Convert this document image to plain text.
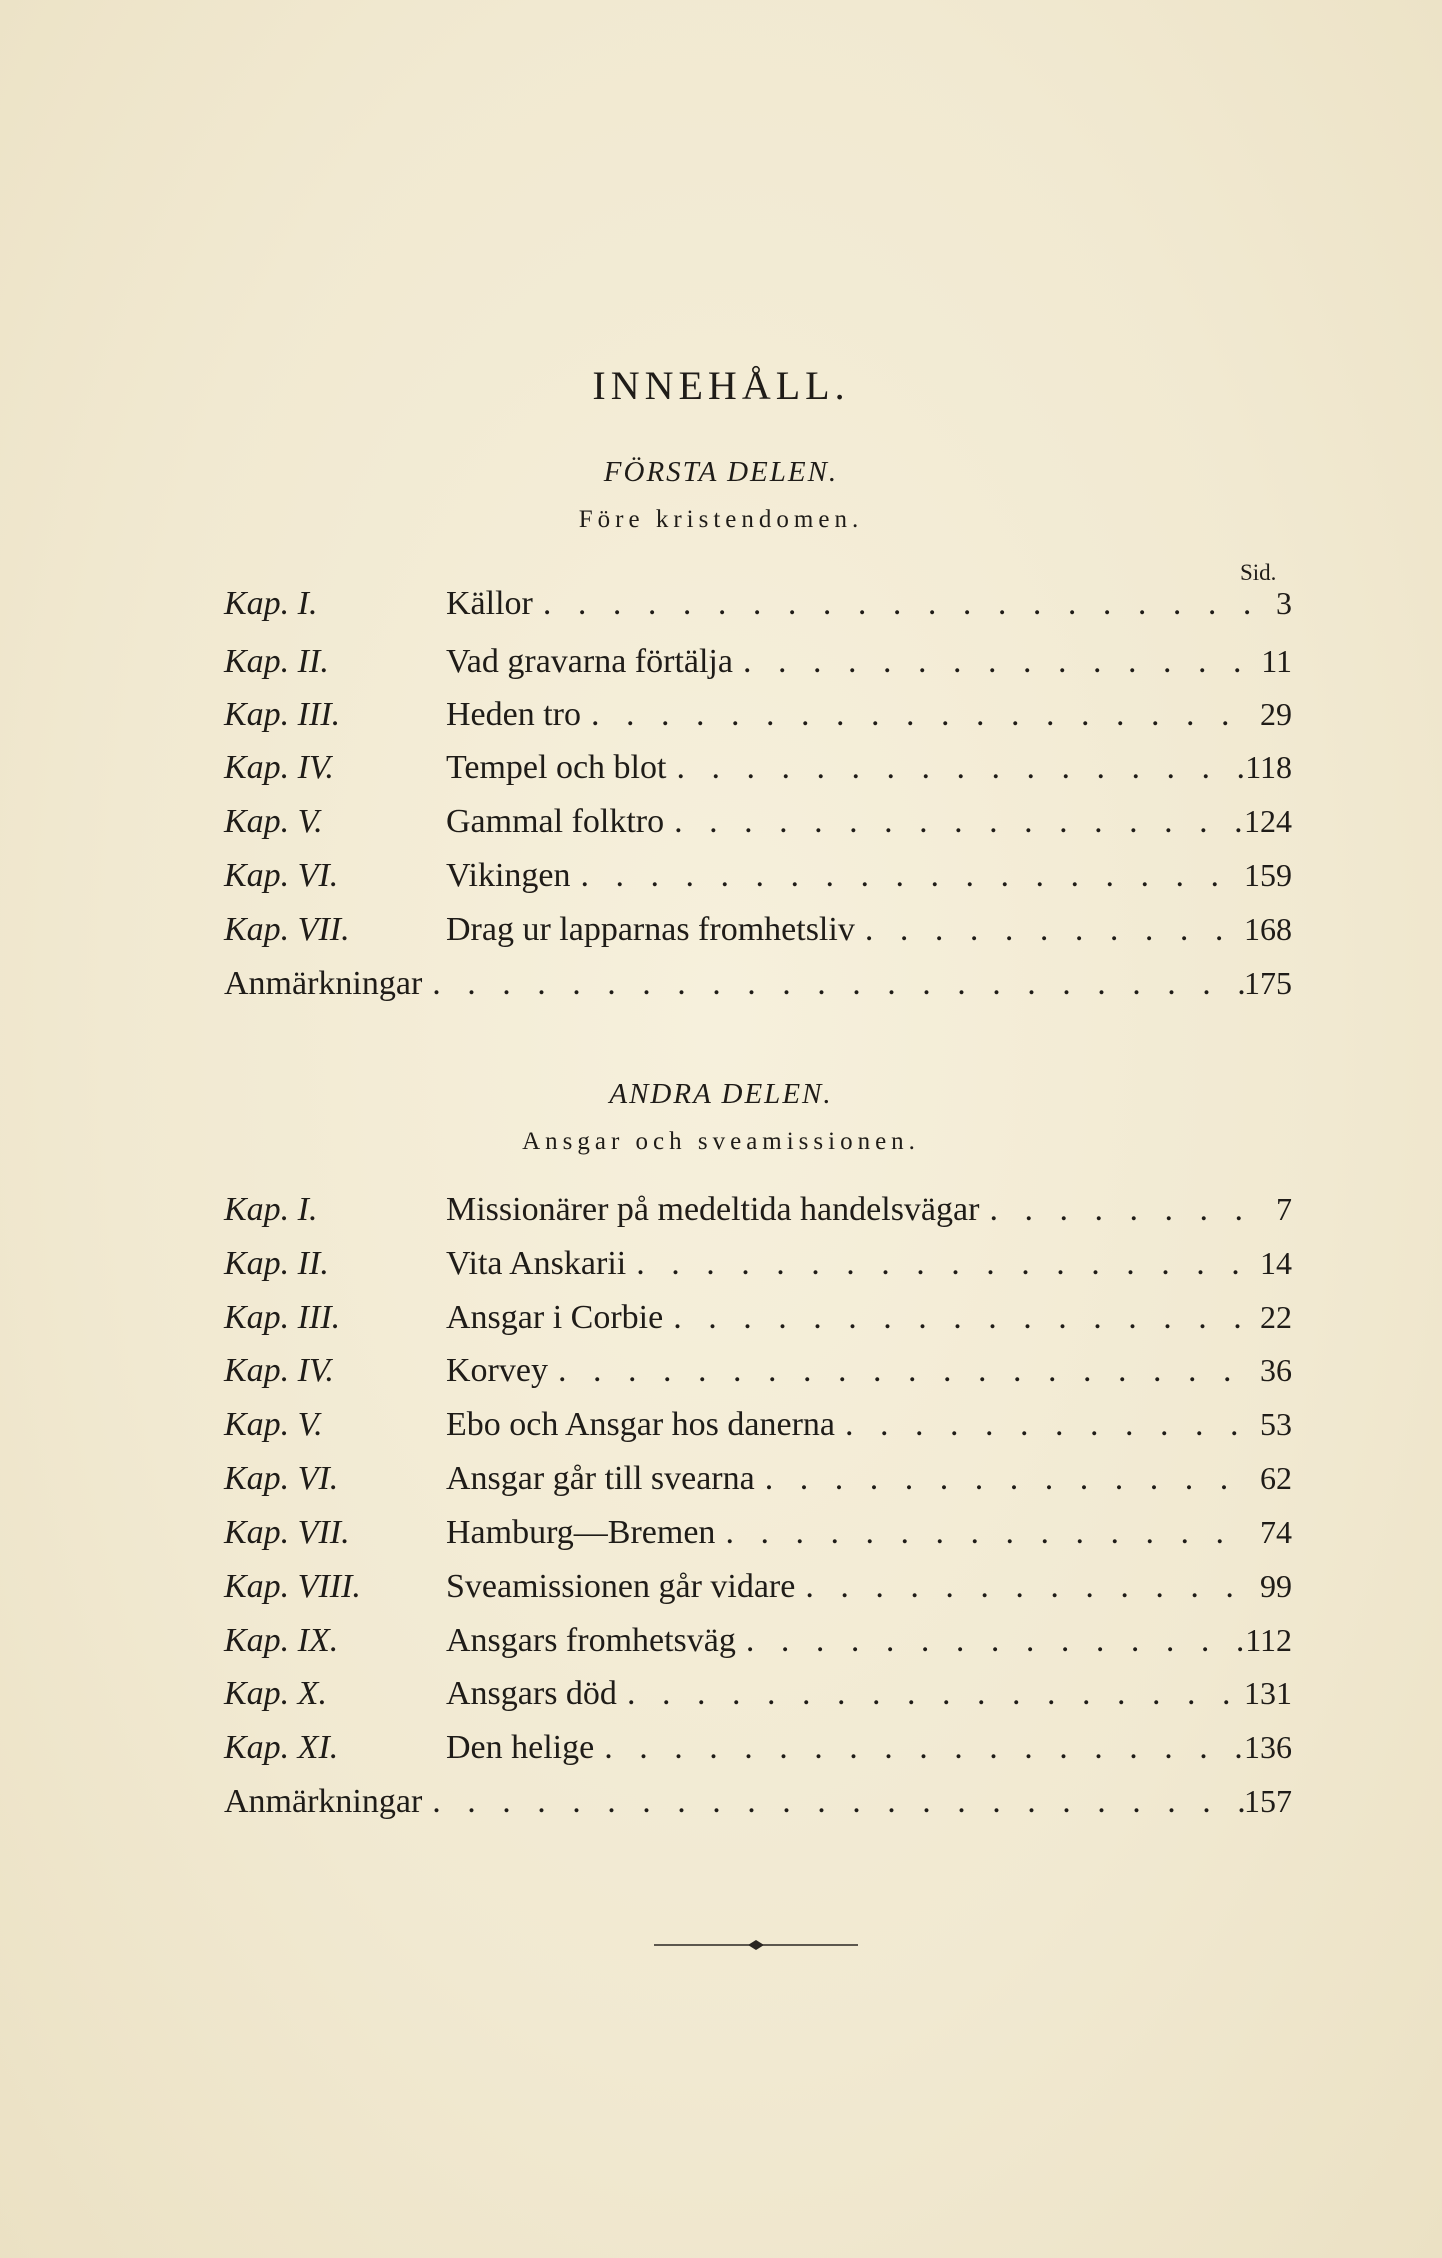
INNEHÅLL.
FÖRSTA DELEN.
Före kristendomen.
Sid.
Kap. I.	Källor . . .	3
Kap. II.	Vad gravarna förtälja . . .	11
Kap. III.	Heden tro . . .	29
Kap. IV.	Tempel och blot . . .	118
Kap. V.	Gammal folktro . . .	124
Kap. VI.	Vikingen . . .	159
Kap. VII.	Drag ur lapparnas fromhetsliv . . .	168
Anmärkningar . . .	175
ANDRA DELEN.
Ansgar och sveamissionen.
Kap. I.	Missionärer på medeltida handelsvägar . . .	7
Kap. II.	Vita Anskarii . . .	14
Kap. III.	Ansgar i Corbie . . .	22
Kap. IV.	Korvey . . .	36
Kap. V.	Ebo och Ansgar hos danerna . . .	53
Kap. VI.	Ansgar går till svearna . . .	62
Kap. VII.	Hamburg—Bremen . . .	74
Kap. VIII.	Sveamissionen går vidare . . .	99
Kap. IX.	Ansgars fromhetsväg . . .	112
Kap. X.	Ansgars död . . .	131
Kap. XI.	Den helige . . .	136
Anmärkningar . . .	157
